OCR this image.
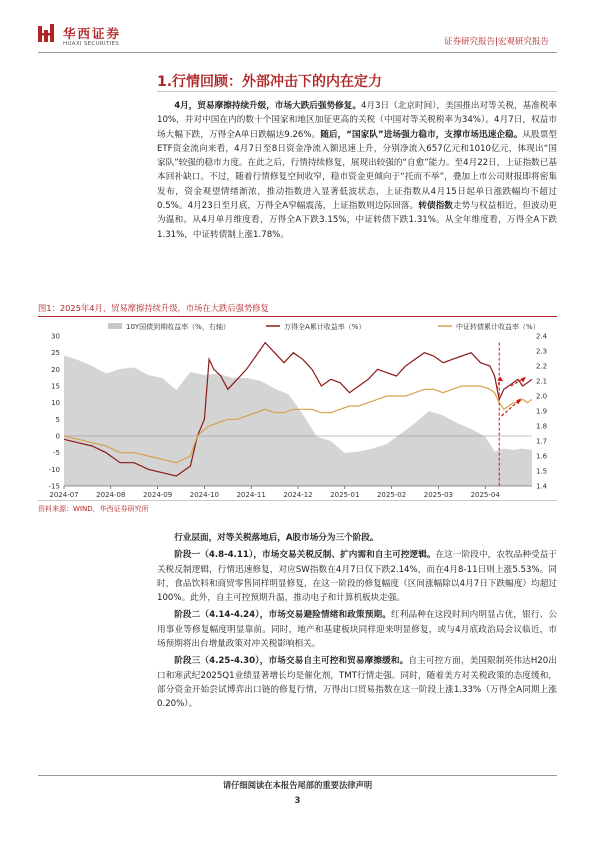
华西证券
HUAXI SECURITIES	证券研究报告|宏观研究报告
1.行情回顾：外部冲击下的内在定力

4月，贸易摩擦持续升级，市场大跌后强势修复。4月3日（北京时间），美国推出对等关税，基准税率10%，并对中国在内的数十个国家和地区加征更高的关税（中国对等关税税率为34%）。4月7日，权益市场大幅下跌，万得全A单日跌幅达9.26%。随后，“国家队”进场强力稳市，支撑市场迅速企稳。从股票型ETF资金流向来看，4月7日至8日资金净流入额迅速上升，分别净流入657亿元和1010亿元，体现出“国家队”较强的稳市力度。在此之后，行情持续修复，展现出较强的“自愈”能力。至4月22日，上证指数已基本回补缺口。不过，随着行情修复空间收窄，稳市资金更倾向于“托而不举”，叠加上市公司财报即将密集发布，资金观望情绪渐浓，推动指数进入显著低波状态，上证指数从4月15日起单日涨跌幅均不超过0.5%。4月23日至月底，万得全A窄幅震荡，上证指数则边际回落。转债指数走势与权益相近，但波动更为温和。从4月单月维度看，万得全A下跌3.15%，中证转债下跌1.31%。从全年维度看，万得全A下跌1.31%，中证转债制上涨1.78%。

图1：2025年4月，贸易摩擦持续升级，市场在大跌后强势修复
10Y国债到期收益率（%，右轴）	万得全A累计收益率（%）	中证转债累计收益率（%）
30
25
20
15
10
5
0
-5
-10
-15
2.4
2.3
2.2
2.1
2.0
1.9
1.8
1.7
1.6
1.5
1.4
2024-07	2024-08	2024-09	2024-10	2024-11	2024-12	2025-01	2025-02	2025-03	2025-04
资料来源：WIND，华西证券研究所

行业层面，对等关税落地后，A股市场分为三个阶段。

阶段一（4.8-4.11），市场交易关税反制、扩内需和自主可控逻辑。在这一阶段中，农牧品种受益于关税反制逻辑，行情迅速修复，对应SW指数在4月7日仅下跌2.14%，而在4月8-11日则上涨5.53%。同时，食品饮料和商贸零售同样明显修复，在这一阶段的修复幅度（区间涨幅除以4月7日下跌幅度）均超过100%。此外，自主可控预期升温，推动电子和计算机板块走强。

阶段二（4.14-4.24），市场交易避险情绪和政策预期。红利品种在这段时间内明显占优，银行、公用事业等修复幅度明显靠前。同时，地产和基建板块同样迎来明显修复，或与4月底政治局会议临近，市场预期将出台增量政策对冲关税影响相关。

阶段三（4.25-4.30），市场交易自主可控和贸易摩擦缓和。自主可控方面，美国限制英伟达H20出口和寒武纪2025Q1业绩显著增长均是催化剂，TMT行情走强。同时，随着美方对关税政策的态度缓和，部分资金开始尝试博弈出口链的修复行情，万得出口贸易指数在这一阶段上涨1.33%（万得全A同期上涨0.20%）。

请仔细阅读在本报告尾部的重要法律声明
3
